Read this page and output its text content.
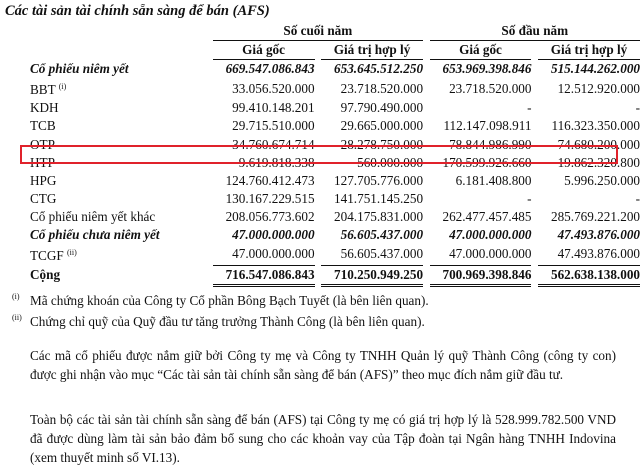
Các tài sản tài chính sẵn sàng để bán (AFS)
	Số cuối năm				Số đầu năm		
	Giá gốc		Giá trị hợp lý		Giá gốc		Giá trị hợp lý
Cổ phiếu niêm yết	669.547.086.843		653.645.512.250		653.969.398.846		515.144.262.000
BBT $^{(i)}$	33.056.520.000		23.718.520.000		23.718.520.000		12.512.920.000
KDH	99.410.148.201		97.790.490.000		-		-
TCB	29.715.510.000		29.665.000.000		112.147.098.911		116.323.350.000
OTP	34.760.674.714		28.278.750.000		78.844.986.990		74.680.200.000
HTP	9.619.818.338		560.000.000		170.599.926.660		19.862.320.800
HPG	124.760.412.473		127.705.776.000		6.181.408.800		5.996.250.000
CTG	130.167.229.515		141.751.145.250		-		-
Cổ phiếu niêm yết khác	208.056.773.602		204.175.831.000		262.477.457.485		285.769.221.200
Cổ phiếu chưa niêm yết	47.000.000.000		56.605.437.000		47.000.000.000		47.493.876.000
TCGF $^{(ii)}$	47.000.000.000		56.605.437.000		47.000.000.000		47.493.876.000
Cộng	716.547.086.843		710.250.949.250		700.969.398.846		562.638.138.000
(i) Mã chứng khoán của Công ty Cổ phần Bông Bạch Tuyết (là bên liên quan).
(ii) Chứng chỉ quỹ của Quỹ đầu tư tăng trưởng Thành Công (là bên liên quan).
Các mã cổ phiếu được nắm giữ bởi Công ty mẹ và Công ty TNHH Quản lý quỹ Thành Công (công ty con) được ghi nhận vào mục “Các tài sản tài chính sẵn sàng để bán (AFS)” theo mục đích nắm giữ đầu tư.
Toàn bộ các tài sản tài chính sẵn sàng để bán (AFS) tại Công ty mẹ có giá trị hợp lý là 528.999.782.500 VND đã được dùng làm tài sản bảo đảm bổ sung cho các khoản vay của Tập đoàn tại Ngân hàng TNHH Indovina (xem thuyết minh số VI.13).
